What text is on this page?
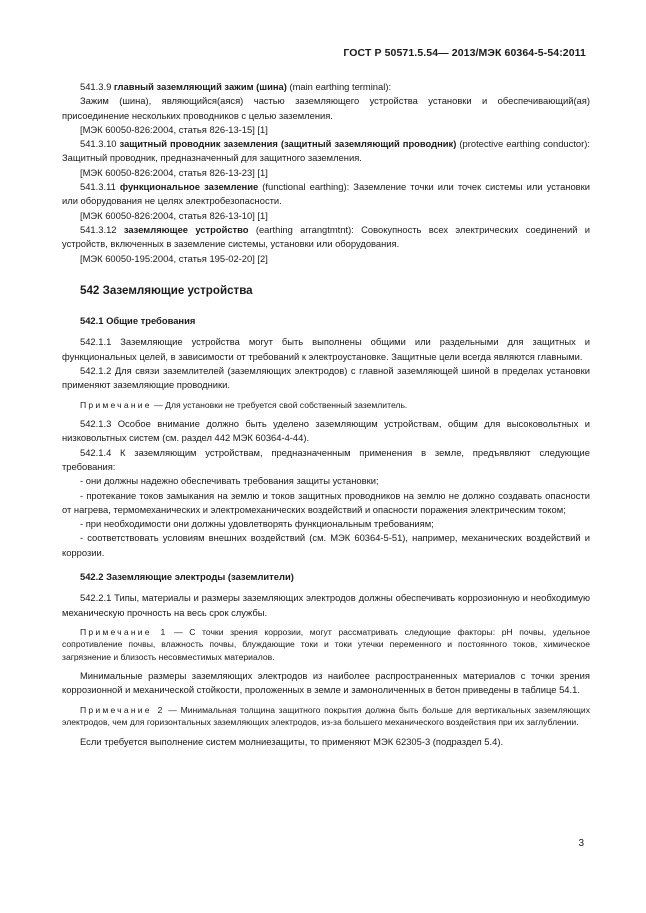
ГОСТ Р 50571.5.54— 2013/МЭК 60364-5-54:2011

541.3.9 главный заземляющий зажим (шина) (main earthing terminal):

Зажим (шина), являющийся(аяся) частью заземляющего устройства установки и обеспечивающий(ая) присоединение нескольких проводников с целью заземления.

[МЭК 60050-826:2004, статья 826-13-15] [1]

541.3.10 защитный проводник заземления (защитный заземляющий проводник) (protective earthing conductor): Защитный проводник, предназначенный для защитного заземления.

[МЭК 60050-826:2004, статья 826-13-23] [1]

541.3.11 функциональное заземление (functional earthing): Заземление точки или точек системы или установки или оборудования не целях электробезопасности.

[МЭК 60050-826:2004, статья 826-13-10] [1]

541.3.12 заземляющее устройство (earthing arrangtmtnt): Совокупность всех электрических соединений и устройств, включенных в заземление системы, установки или оборудования.

[МЭК 60050-195:2004, статья 195-02-20] [2]

542 Заземляющие устройства
542.1 Общие требования

542.1.1 Заземляющие устройства могут быть выполнены общими или раздельными для защитных и функциональных целей, в зависимости от требований к электроустановке. Защитные цели всегда являются главными.

542.1.2 Для связи заземлителей (заземляющих электродов) с главной заземляющей шиной в пределах установки применяют заземляющие проводники.

Примечание — Для установки не требуется свой собственный заземлитель.

542.1.3 Особое внимание должно быть уделено заземляющим устройствам, общим для высоковольтных и низковольтных систем (см. раздел 442 МЭК 60364-4-44).

542.1.4 К заземляющим устройствам, предназначенным применения в земле, предъявляют следующие требования:

- они должны надежно обеспечивать требования защиты установки;

- протекание токов замыкания на землю и токов защитных проводников на землю не должно создавать опасности от нагрева, термомеханических и электромеханических воздействий и опасности поражения электрическим током;

- при необходимости они должны удовлетворять функциональным требованиям;

- соответствовать условиям внешних воздействий (см. МЭК 60364-5-51), например, механических воздействий и коррозии.

542.2 Заземляющие электроды (заземлители)

542.2.1 Типы, материалы и размеры заземляющих электродов должны обеспечивать коррозионную и необходимую механическую прочность на весь срок службы.

Примечание 1 — С точки зрения коррозии, могут рассматривать следующие факторы: pH почвы, удельное сопротивление почвы, влажность почвы, блуждающие токи и токи утечки переменного и постоянного токов, химическое загрязнение и близость несовместимых материалов.

Минимальные размеры заземляющих электродов из наиболее распространенных материалов с точки зрения коррозионной и механической стойкости, проложенных в земле и замоноличенных в бетон приведены в таблице 54.1.

Примечание 2 — Минимальная толщина защитного покрытия должна быть больше для вертикальных заземляющих электродов, чем для горизонтальных заземляющих электродов, из-за большего механического воздействия при их заглублении.

Если требуется выполнение систем молниезащиты, то применяют МЭК 62305-3 (подраздел 5.4).

3
